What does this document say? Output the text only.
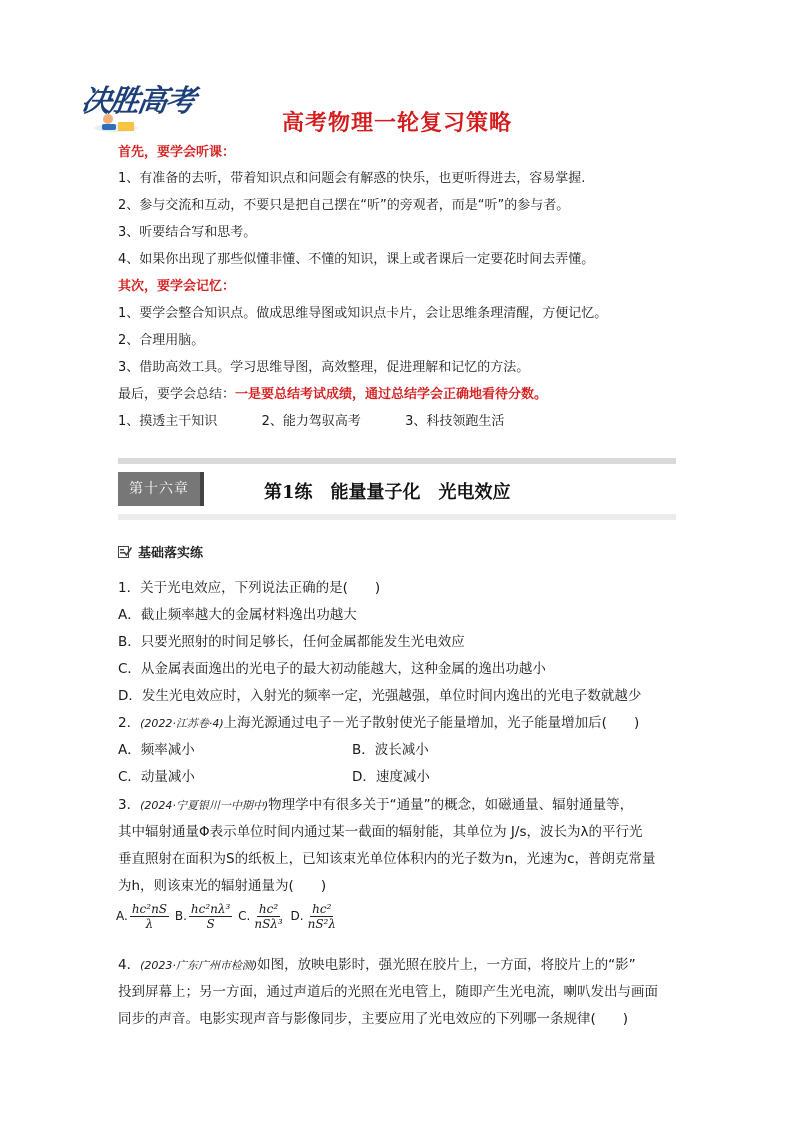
决胜高考
高考物理一轮复习策略
首先，要学会听课：
1、有准备的去听，带着知识点和问题会有解惑的快乐，也更听得进去，容易掌握.
2、参与交流和互动，不要只是把自己摆在“听”的旁观者，而是“听”的参与者。
3、听要结合写和思考。
4、如果你出现了那些似懂非懂、不懂的知识，课上或者课后一定要花时间去弄懂。
其次，要学会记忆：
1、要学会整合知识点。做成思维导图或知识点卡片，会让思维条理清醒，方便记忆。
2、合理用脑。
3、借助高效工具。学习思维导图，高效整理，促进理解和记忆的方法。
最后，要学会总结：一是要总结考试成绩，通过总结学会正确地看待分数。
1、摸透主干知识	2、能力驾驭高考	3、科技领跑生活
第十六章	第1练　能量量子化　光电效应
基础落实练
1．关于光电效应，下列说法正确的是(　　)
A．截止频率越大的金属材料逸出功越大
B．只要光照射的时间足够长，任何金属都能发生光电效应
C．从金属表面逸出的光电子的最大初动能越大，这种金属的逸出功越小
D．发生光电效应时，入射光的频率一定，光强越强，单位时间内逸出的光电子数就越少
2．(2022·江苏卷·4)上海光源通过电子－光子散射使光子能量增加，光子能量增加后(　　)
A．频率减小	B．波长减小
C．动量减小	D．速度减小
3．(2024·宁夏银川一中期中)物理学中有很多关于“通量”的概念，如磁通量、辐射通量等，
其中辐射通量Φ表示单位时间内通过某一截面的辐射能，其单位为 J/s，波长为λ的平行光
垂直照射在面积为S的纸板上，已知该束光单位体积内的光子数为n，光速为c，普朗克常量
为h，则该束光的辐射通量为(　　)
A. $\frac{\text{hc²nS}}{\lambda} B$. $\frac{\text{hc²nλ³}}{S} C$. $\frac{\text{hc²}}{\text{nSλ³}} D$. $\frac{\text{hc²}}{\text{nS²λ}}$
4．(2023·广东广州市检测)如图，放映电影时，强光照在胶片上，一方面，将胶片上的“影”
投到屏幕上；另一方面，通过声道后的光照在光电管上，随即产生光电流，喇叭发出与画面
同步的声音。电影实现声音与影像同步，主要应用了光电效应的下列哪一条规律(　　)
